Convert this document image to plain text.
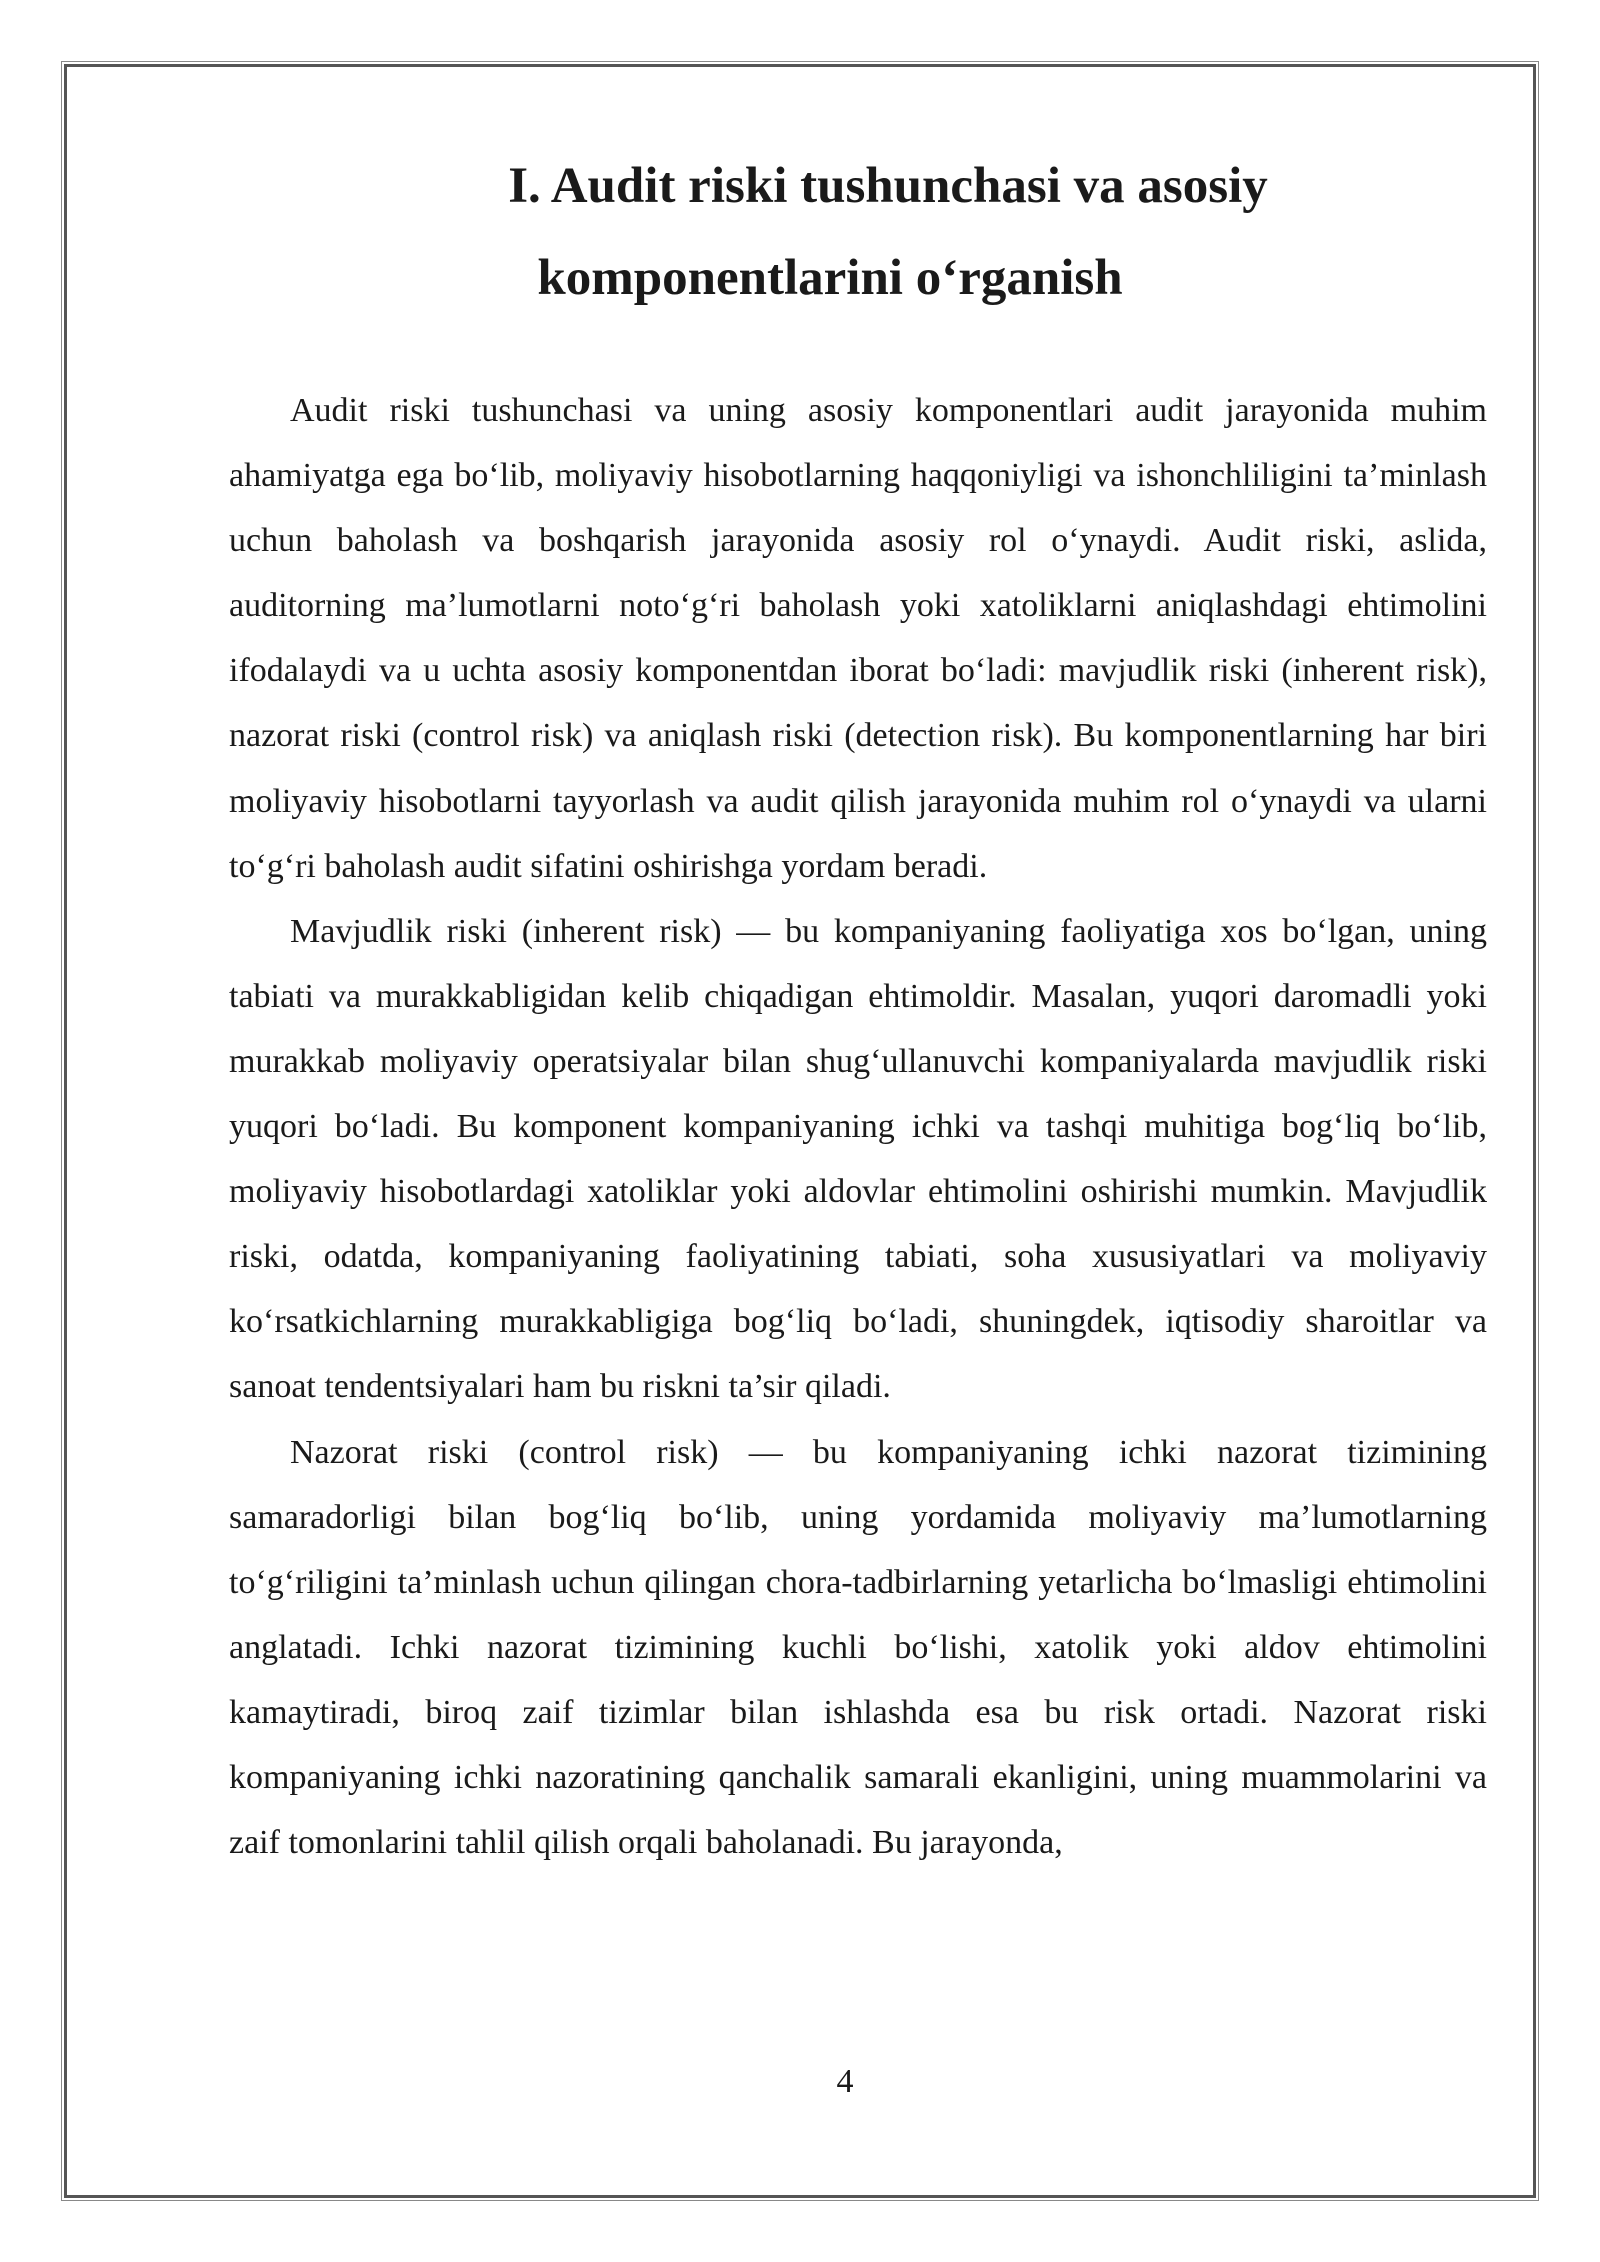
I. Audit riski tushunchasi va asosiy
komponentlarini o‘rganish

Audit riski tushunchasi va uning asosiy komponentlari audit jarayonida muhim ahamiyatga ega bo‘lib, moliyaviy hisobotlarning haqqoniyligi va ishonchliligini ta’minlash uchun baholash va boshqarish jarayonida asosiy rol o‘ynaydi. Audit riski, aslida, auditorning ma’lumotlarni noto‘g‘ri baholash yoki xatoliklarni aniqlashdagi ehtimolini ifodalaydi va u uchta asosiy komponentdan iborat bo‘ladi: mavjudlik riski (inherent risk), nazorat riski (control risk) va aniqlash riski (detection risk). Bu komponentlarning har biri moliyaviy hisobotlarni tayyorlash va audit qilish jarayonida muhim rol o‘ynaydi va ularni to‘g‘ri baholash audit sifatini oshirishga yordam beradi.

Mavjudlik riski (inherent risk) — bu kompaniyaning faoliyatiga xos bo‘lgan, uning tabiati va murakkabligidan kelib chiqadigan ehtimoldir. Masalan, yuqori daromadli yoki murakkab moliyaviy operatsiyalar bilan shug‘ullanuvchi kompaniyalarda mavjudlik riski yuqori bo‘ladi. Bu komponent kompaniyaning ichki va tashqi muhitiga bog‘liq bo‘lib, moliyaviy hisobotlardagi xatoliklar yoki aldovlar ehtimolini oshirishi mumkin. Mavjudlik riski, odatda, kompaniyaning faoliyatining tabiati, soha xususiyatlari va moliyaviy ko‘rsatkichlarning murakkabligiga bog‘liq bo‘ladi, shuningdek, iqtisodiy sharoitlar va sanoat tendentsiyalari ham bu riskni ta’sir qiladi.

Nazorat riski (control risk) — bu kompaniyaning ichki nazorat tizimining samaradorligi bilan bog‘liq bo‘lib, uning yordamida moliyaviy ma’lumotlarning to‘g‘riligini ta’minlash uchun qilingan chora-tadbirlarning yetarlicha bo‘lmasligi ehtimolini anglatadi. Ichki nazorat tizimining kuchli bo‘lishi, xatolik yoki aldov ehtimolini kamaytiradi, biroq zaif tizimlar bilan ishlashda esa bu risk ortadi. Nazorat riski kompaniyaning ichki nazoratining qanchalik samarali ekanligini, uning muammolarini va zaif tomonlarini tahlil qilish orqali baholanadi. Bu jarayonda,

4
